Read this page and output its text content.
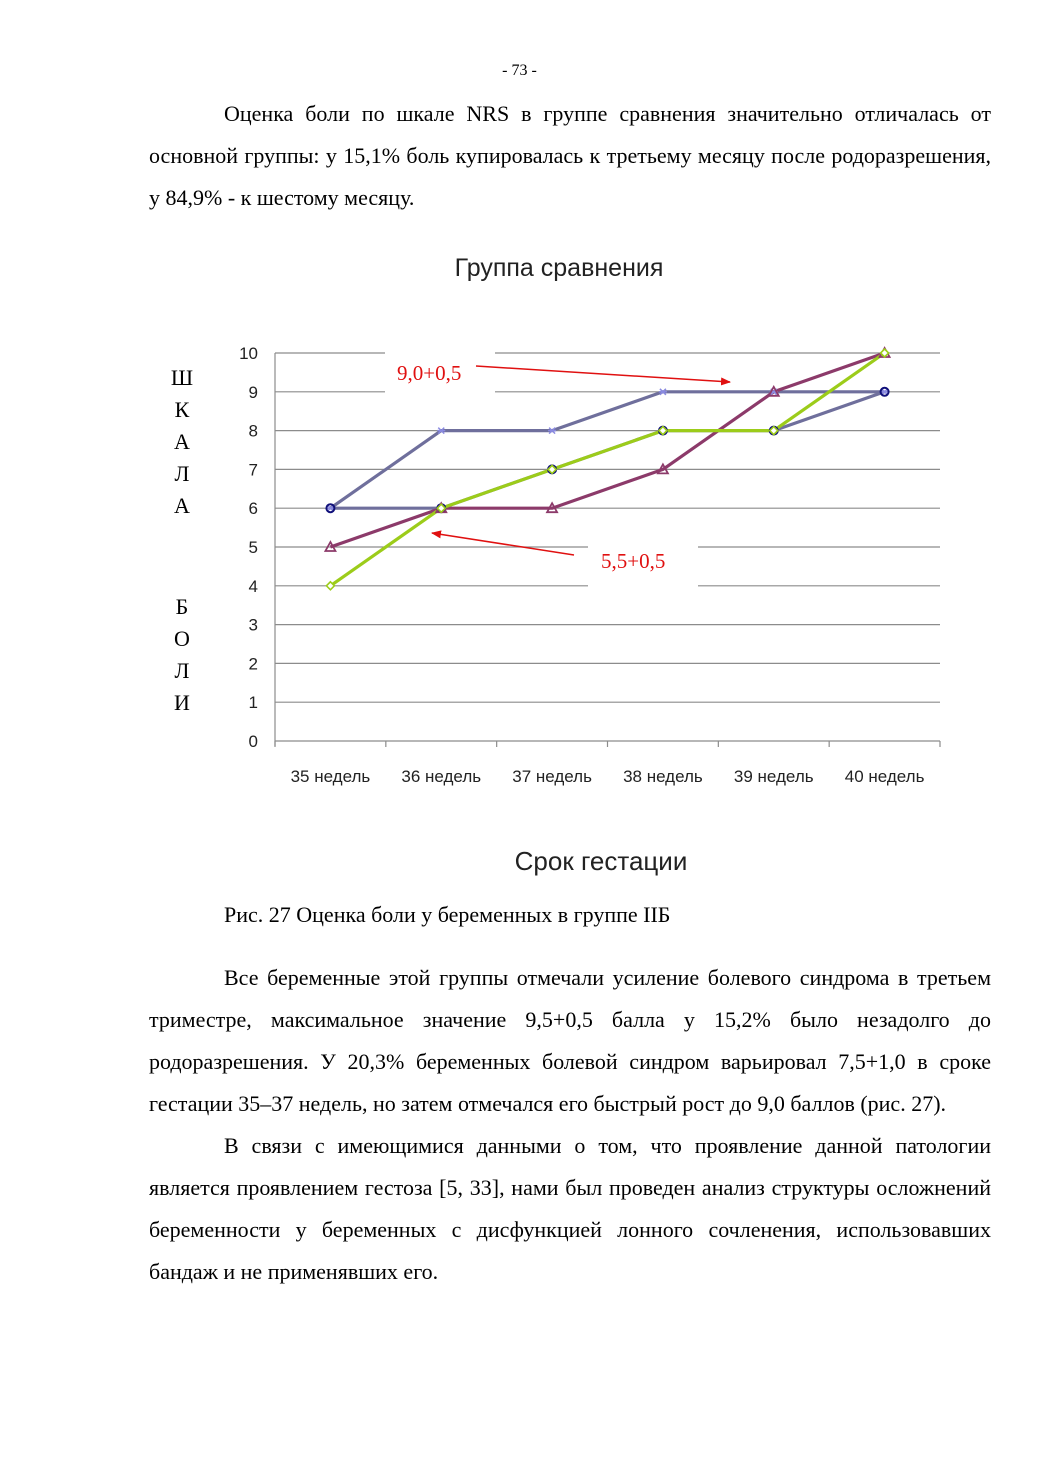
- 73 -

Оценка боли по шкале NRS в группе сравнения значительно отличалась от основной группы: у 15,1% боль купировалась к третьему месяцу после родоразрешения, у 84,9% - к шестому месяцу.

Группа сравнения
0
1
2
3
4
5
6
7
8
9
10
35 недель 36 недель 37 недель 38 недель 39 недель 40 недель
Ш
К
А
Л
А
Б
О
Л
И
9,0+0,5
5,5+0,5
Срок гестации
Рис. 27 Оценка боли у беременных в группе IIБ

Все беременные этой группы отмечали усиление болевого синдрома в третьем триместре, максимальное значение 9,5+0,5 балла у 15,2% было незадолго до родоразрешения. У 20,3% беременных болевой синдром варьировал 7,5+1,0 в сроке гестации 35–37 недель, но затем отмечался его быстрый рост до 9,0 баллов (рис. 27).

В связи с имеющимися данными о том, что проявление данной патологии является проявлением гестоза [5, 33], нами был проведен анализ структуры осложнений беременности у беременных с дисфункцией лонного сочленения, использовавших бандаж и не применявших его.
